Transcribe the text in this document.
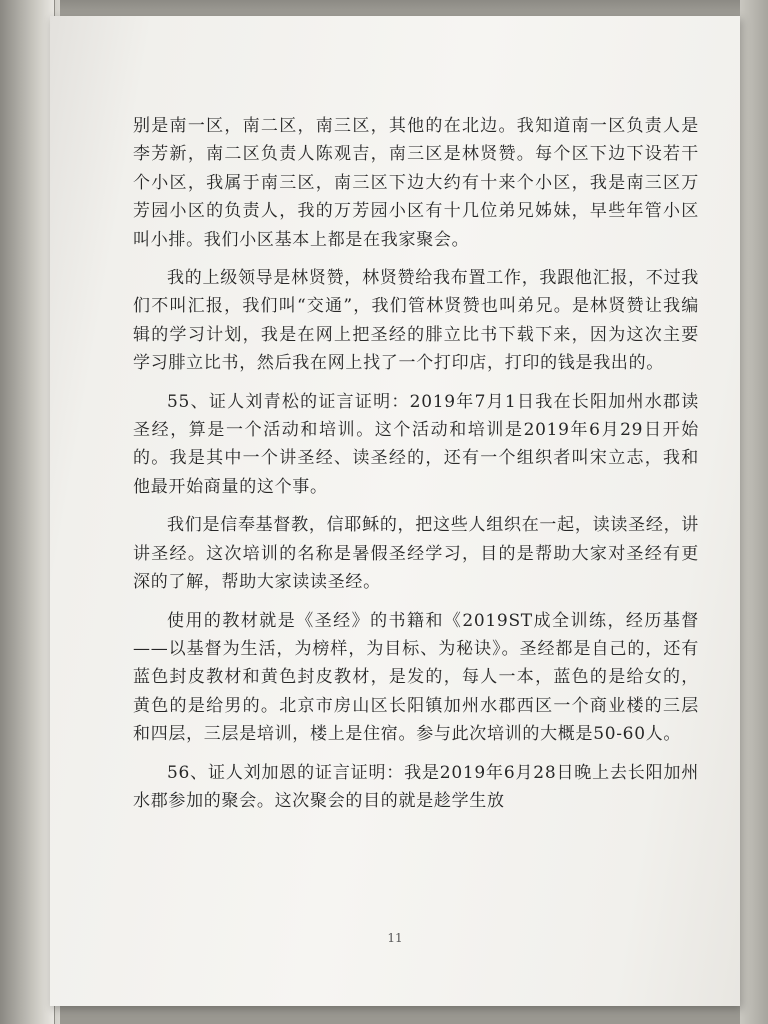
别是南一区，南二区，南三区，其他的在北边。我知道南一区负责人是李芳新，南二区负责人陈观吉，南三区是林贤赞。每个区下边下设若干个小区，我属于南三区，南三区下边大约有十来个小区，我是南三区万芳园小区的负责人，我的万芳园小区有十几位弟兄姊妹，早些年管小区叫小排。我们小区基本上都是在我家聚会。

我的上级领导是林贤赞，林贤赞给我布置工作，我跟他汇报，不过我们不叫汇报，我们叫“交通”，我们管林贤赞也叫弟兄。是林贤赞让我编辑的学习计划，我是在网上把圣经的腓立比书下载下来，因为这次主要学习腓立比书，然后我在网上找了一个打印店，打印的钱是我出的。

55、证人刘青松的证言证明：2019年7月1日我在长阳加州水郡读圣经，算是一个活动和培训。这个活动和培训是2019年6月29日开始的。我是其中一个讲圣经、读圣经的，还有一个组织者叫宋立志，我和他最开始商量的这个事。

我们是信奉基督教，信耶稣的，把这些人组织在一起，读读圣经，讲讲圣经。这次培训的名称是暑假圣经学习，目的是帮助大家对圣经有更深的了解，帮助大家读读圣经。

使用的教材就是《圣经》的书籍和《2019ST成全训练，经历基督——以基督为生活，为榜样，为目标、为秘诀》。圣经都是自己的，还有蓝色封皮教材和黄色封皮教材，是发的，每人一本，蓝色的是给女的，黄色的是给男的。北京市房山区长阳镇加州水郡西区一个商业楼的三层和四层，三层是培训，楼上是住宿。参与此次培训的大概是50-60人。

56、证人刘加恩的证言证明：我是2019年6月28日晚上去长阳加州水郡参加的聚会。这次聚会的目的就是趁学生放

11
